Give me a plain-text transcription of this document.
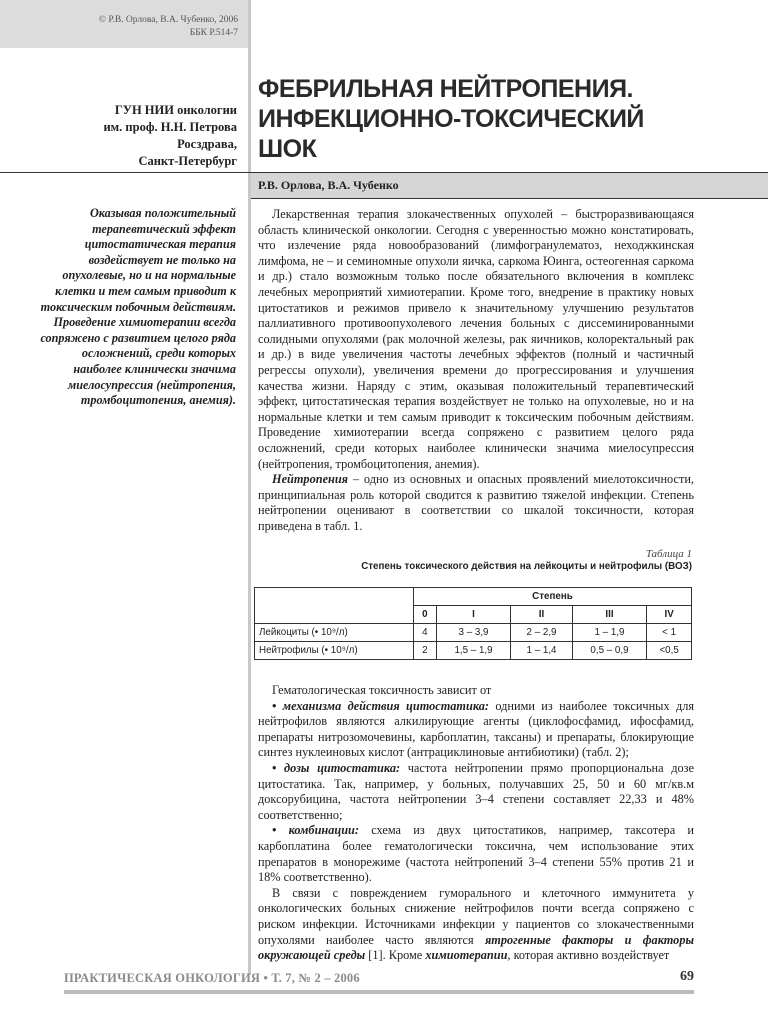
© Р.В. Орлова, В.А. Чубенко, 2006
ББК Р.514-7
ГУН НИИ онкологии
им. проф. Н.Н. Петрова
Росздрава,
Санкт-Петербург
ФЕБРИЛЬНАЯ НЕЙТРОПЕНИЯ.
ИНФЕКЦИОННО-ТОКСИЧЕСКИЙ
ШОК
Р.В. Орлова, В.А. Чубенко
Оказывая положительный терапевтический эффект цитостатическая терапия воздействует не только на опухолевые, но и на нормальные клетки и тем самым приводит к токсическим побочным действиям. Проведение химиотерапии всегда сопряжено с развитием целого ряда осложнений, среди которых наиболее клинически значима миелосупрессия (нейтропения, тромбоцитопения, анемия).

Лекарственная терапия злокачественных опухолей – быстроразвивающаяся область клинической онкологии. Сегодня с уверенностью можно констатировать, что излечение ряда новообразований (лимфогранулематоз, неходжкинская лимфома, не – и семиномные опухоли яичка, саркома Юинга, остеогенная саркома и др.) стало возможным только после обязательного включения в комплекс лечебных мероприятий химиотерапии. Кроме того, внедрение в практику новых цитостатиков и режимов привело к значительному улучшению результатов паллиативного противоопухолевого лечения больных с диссеминированными солидными опухолями (рак молочной железы, рак яичников, колоректальный рак и др.) в виде увеличения частоты лечебных эффектов (полный и частичный регрессы опухоли), увеличения времени до прогрессирования и улучшения качества жизни. Наряду с этим, оказывая положительный терапевтический эффект, цитостатическая терапия воздействует не только на опухолевые, но и на нормальные клетки и тем самым приводит к токсическим побочным действиям. Проведение химиотерапии всегда сопряжено с развитием целого ряда осложнений, среди которых наиболее клинически значима миелосупрессия (нейтропения, тромбоцитопения, анемия).

Нейтропения – одно из основных и опасных проявлений миелотоксичности, принципиальная роль которой сводится к развитию тяжелой инфекции. Степень нейтропении оценивают в соответствии со шкалой токсичности, которая приведена в табл. 1.

Таблица 1
Степень токсического действия на лейкоциты и нейтрофилы (ВОЗ)
	Степень				
	0	I	II	III	IV
Лейкоциты (• 10⁹/л)	4	3 – 3,9	2 – 2,9	1 – 1,9	< 1
Нейтрофилы (• 10⁹/л)	2	1,5 – 1,9	1 – 1,4	0,5 – 0,9	<0,5

Гематологическая токсичность зависит от

• механизма действия цитостатика: одними из наиболее токсичных для нейтрофилов являются алкилирующие агенты (циклофосфамид, ифосфамид, препараты нитрозомочевины, карбоплатин, таксаны) и препараты, блокирующие синтез нуклеиновых кислот (антрациклиновые антибиотики) (табл. 2);

• дозы цитостатика: частота нейтропении прямо пропорциональна дозе цитостатика. Так, например, у больных, получавших 25, 50 и 60 мг/кв.м доксорубицина, частота нейтропении 3–4 степени составляет 22,33 и 48% соответственно;

• комбинации: схема из двух цитостатиков, например, таксотера и карбоплатина более гематологически токсична, чем использование этих препаратов в монорежиме (частота нейтропений 3–4 степени 55% против 21 и 18% соответственно).

В связи с повреждением гуморального и клеточного иммунитета у онкологических больных снижение нейтрофилов почти всегда сопряжено с риском инфекции. Источниками инфекции у пациентов со злокачественными опухолями наиболее часто являются ятрогенные факторы и факторы окружающей среды [1]. Кроме химиотерапии, которая активно воздействует

ПРАКТИЧЕСКАЯ ОНКОЛОГИЯ • Т. 7, № 2 – 2006	69
